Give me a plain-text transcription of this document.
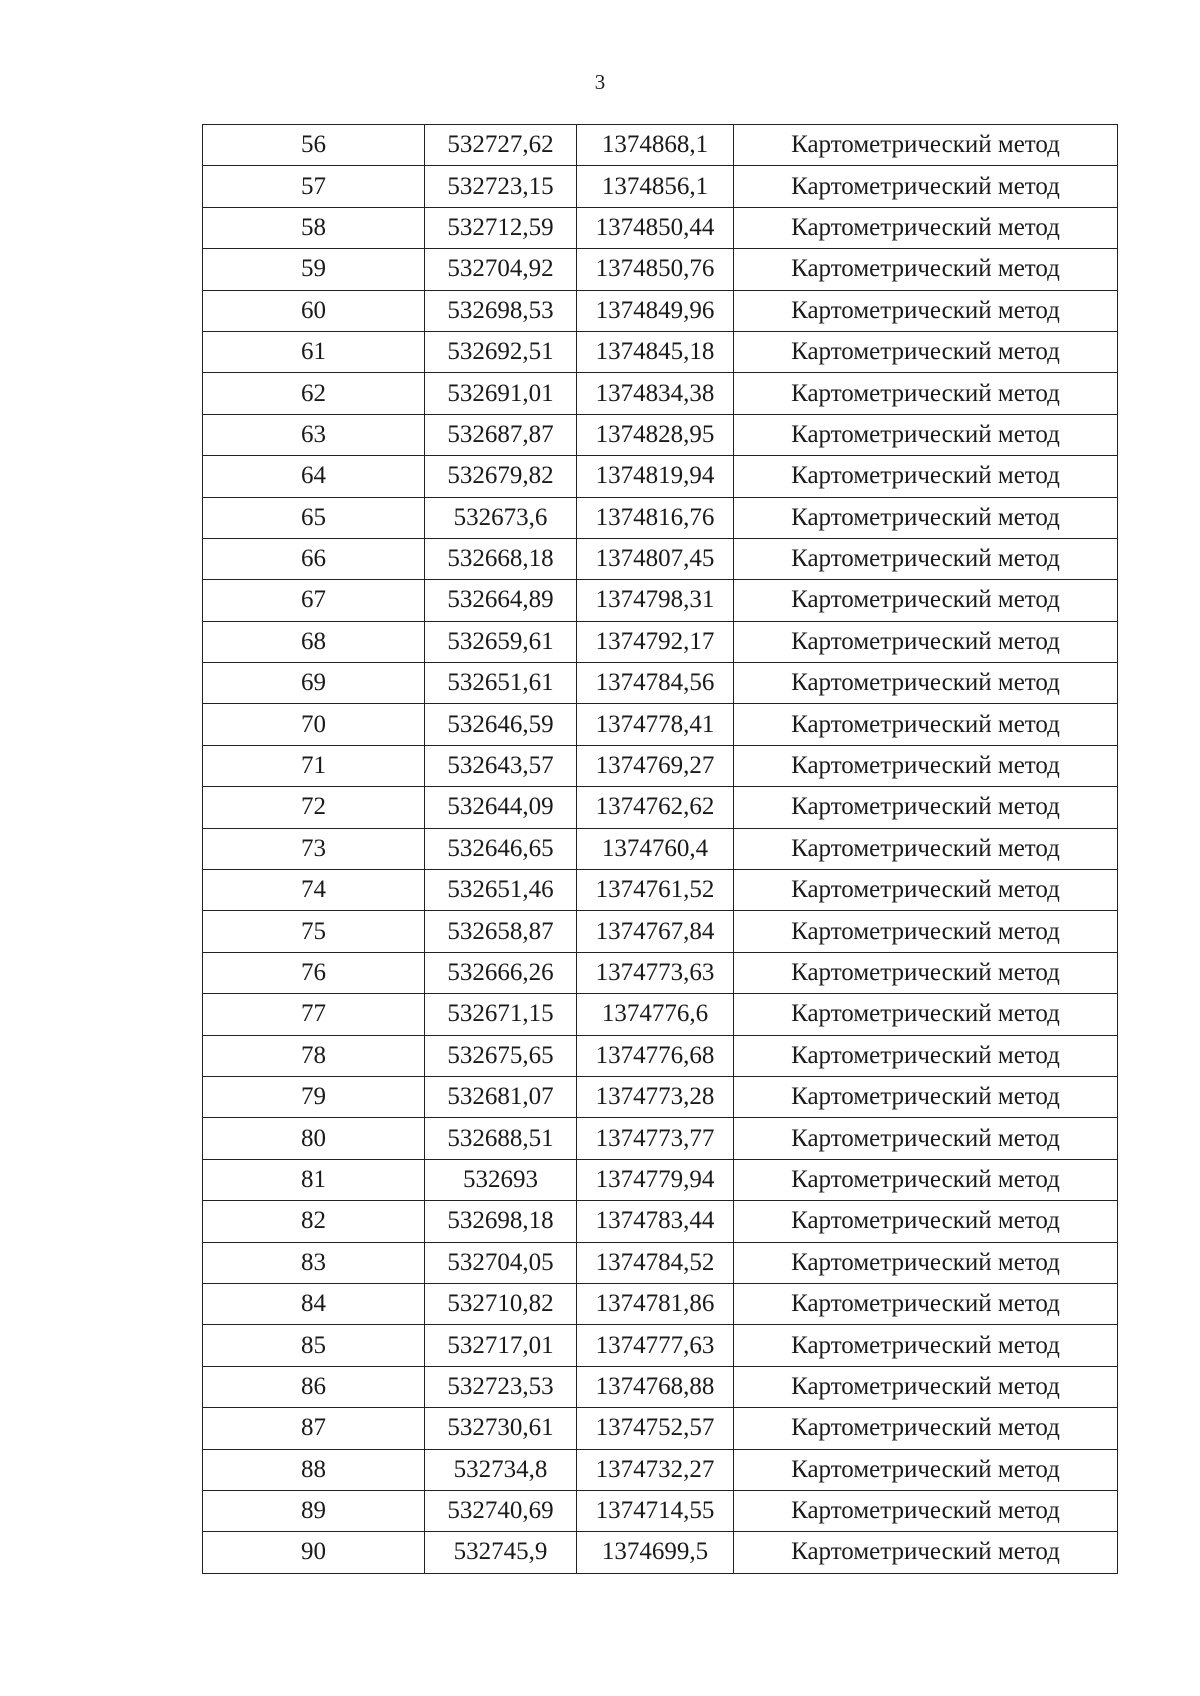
3
56	532727,62	1374868,1	Картометрический метод
57	532723,15	1374856,1	Картометрический метод
58	532712,59	1374850,44	Картометрический метод
59	532704,92	1374850,76	Картометрический метод
60	532698,53	1374849,96	Картометрический метод
61	532692,51	1374845,18	Картометрический метод
62	532691,01	1374834,38	Картометрический метод
63	532687,87	1374828,95	Картометрический метод
64	532679,82	1374819,94	Картометрический метод
65	532673,6	1374816,76	Картометрический метод
66	532668,18	1374807,45	Картометрический метод
67	532664,89	1374798,31	Картометрический метод
68	532659,61	1374792,17	Картометрический метод
69	532651,61	1374784,56	Картометрический метод
70	532646,59	1374778,41	Картометрический метод
71	532643,57	1374769,27	Картометрический метод
72	532644,09	1374762,62	Картометрический метод
73	532646,65	1374760,4	Картометрический метод
74	532651,46	1374761,52	Картометрический метод
75	532658,87	1374767,84	Картометрический метод
76	532666,26	1374773,63	Картометрический метод
77	532671,15	1374776,6	Картометрический метод
78	532675,65	1374776,68	Картометрический метод
79	532681,07	1374773,28	Картометрический метод
80	532688,51	1374773,77	Картометрический метод
81	532693	1374779,94	Картометрический метод
82	532698,18	1374783,44	Картометрический метод
83	532704,05	1374784,52	Картометрический метод
84	532710,82	1374781,86	Картометрический метод
85	532717,01	1374777,63	Картометрический метод
86	532723,53	1374768,88	Картометрический метод
87	532730,61	1374752,57	Картометрический метод
88	532734,8	1374732,27	Картометрический метод
89	532740,69	1374714,55	Картометрический метод
90	532745,9	1374699,5	Картометрический метод
